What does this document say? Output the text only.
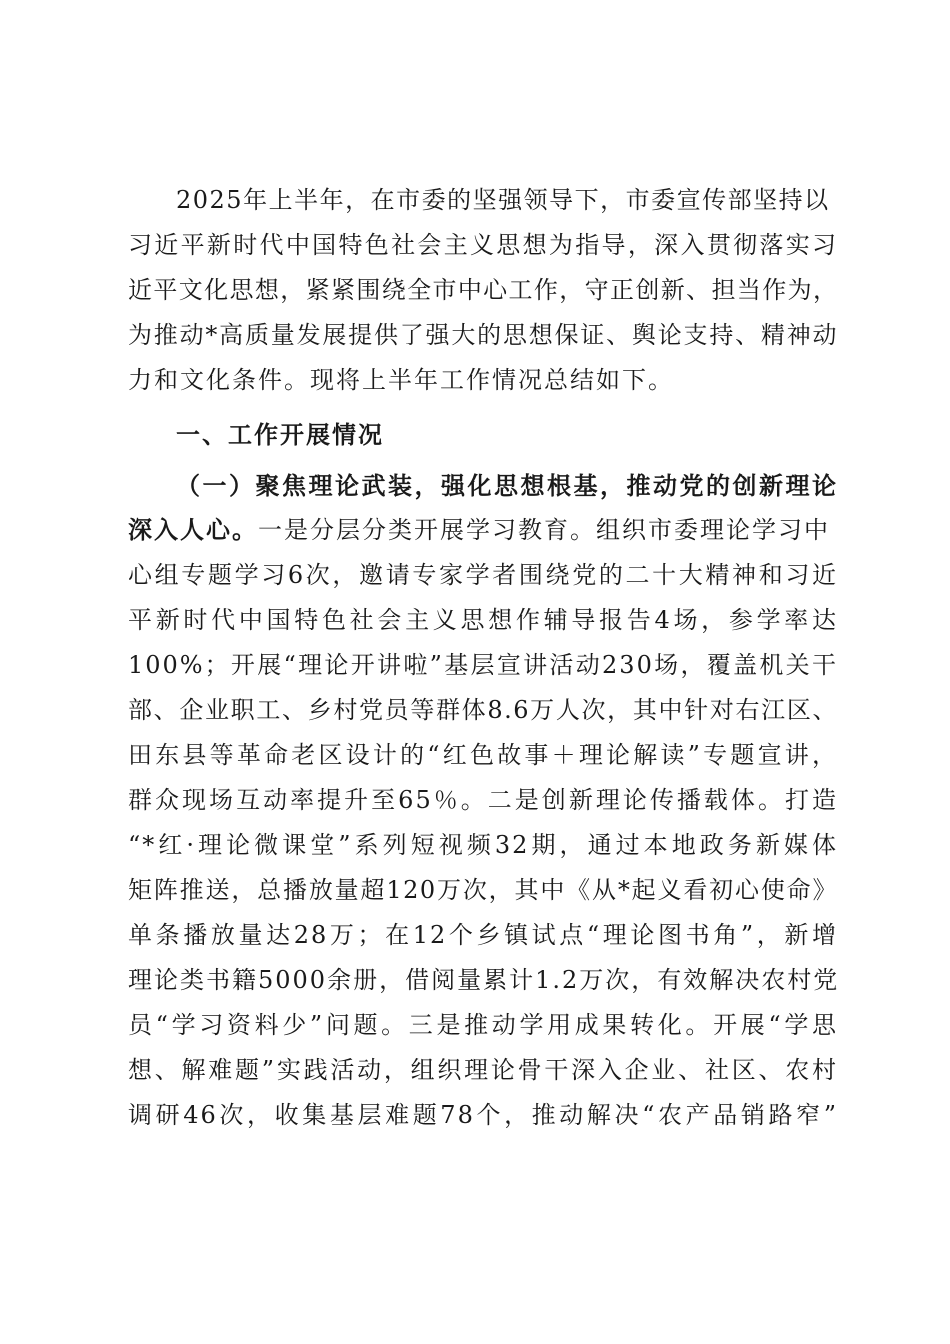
2025年上半年，在市委的坚强领导下，市委宣传部坚持以
习近平新时代中国特色社会主义思想为指导，深入贯彻落实习
近平文化思想，紧紧围绕全市中心工作，守正创新、担当作为，
为推动*高质量发展提供了强大的思想保证、舆论支持、精神动
力和文化条件。现将上半年工作情况总结如下。
一、工作开展情况
（一）聚焦理论武装，强化思想根基，推动党的创新理论
深入人心。一是分层分类开展学习教育。组织市委理论学习中
心组专题学习6次，邀请专家学者围绕党的二十大精神和习近
平新时代中国特色社会主义思想作辅导报告4场，参学率达
100%；开展“理论开讲啦”基层宣讲活动230场，覆盖机关干
部、企业职工、乡村党员等群体8.6万人次，其中针对右江区、
田东县等革命老区设计的“红色故事＋理论解读”专题宣讲，
群众现场互动率提升至65％。二是创新理论传播载体。打造
“*红·理论微课堂”系列短视频32期，通过本地政务新媒体
矩阵推送，总播放量超120万次，其中《从*起义看初心使命》
单条播放量达28万；在12个乡镇试点“理论图书角”，新增
理论类书籍5000余册，借阅量累计1.2万次，有效解决农村党
员“学习资料少”问题。三是推动学用成果转化。开展“学思
想、解难题”实践活动，组织理论骨干深入企业、社区、农村
调研46次，收集基层难题78个，推动解决“农产品销路窄”
